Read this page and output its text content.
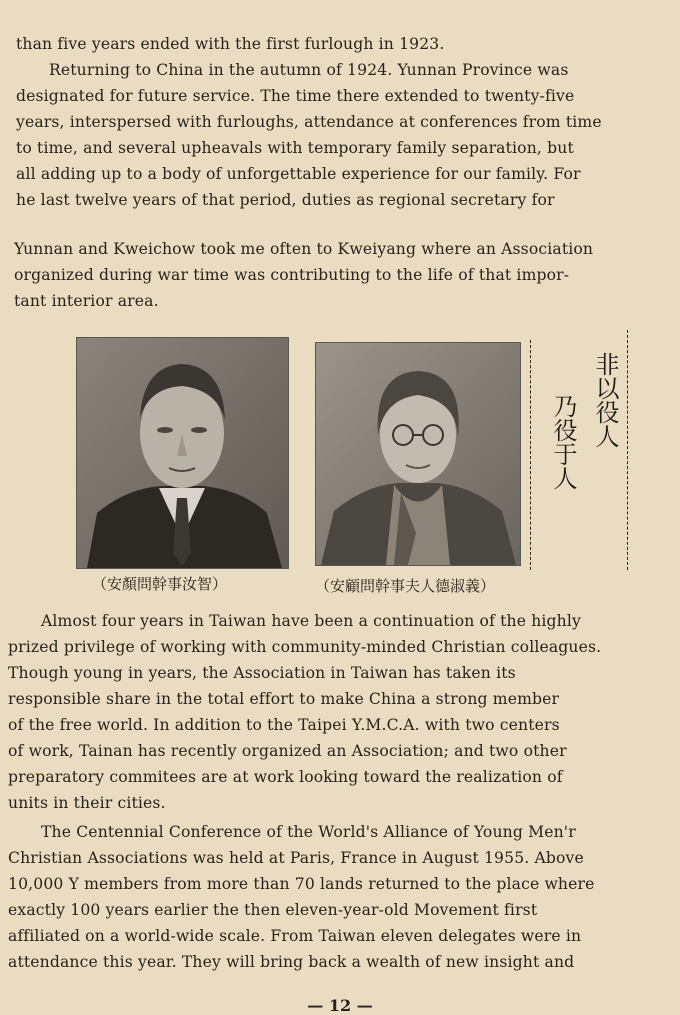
than five years ended with the first furlough in 1923.
Returning to China in the autumn of 1924. Yunnan Province was
designated for future service. The time there extended to twenty-five
years, interspersed with furloughs, attendance at conferences from time
to time, and several upheavals with temporary family separation, but
all adding up to a body of unforgettable experience for our family. For
he last twelve years of that period, duties as regional secretary for

Yunnan and Kweichow took me often to Kweiyang where an Association
organized during war time was contributing to the life of that impor-
tant interior area.

（安顏問幹事汝智）	（安顧問幹事夫人德淑義）
非以役人
乃役于人

Almost four years in Taiwan have been a continuation of the highly
prized privilege of working with community-minded Christian colleagues.
Though young in years, the Association in Taiwan has taken its
responsible share in the total effort to make China a strong member
of the free world. In addition to the Taipei Y.M.C.A. with two centers
of work, Tainan has recently organized an Association; and two other
preparatory commitees are at work looking toward the realization of
units in their cities.

The Centennial Conference of the World's Alliance of Young Men'r
Christian Associations was held at Paris, France in August 1955. Above
10,000 Y members from more than 70 lands returned to the place where
exactly 100 years earlier the then eleven-year-old Movement first
affiliated on a world-wide scale. From Taiwan eleven delegates were in
attendance this year. They will bring back a wealth of new insight and

— 12 —
